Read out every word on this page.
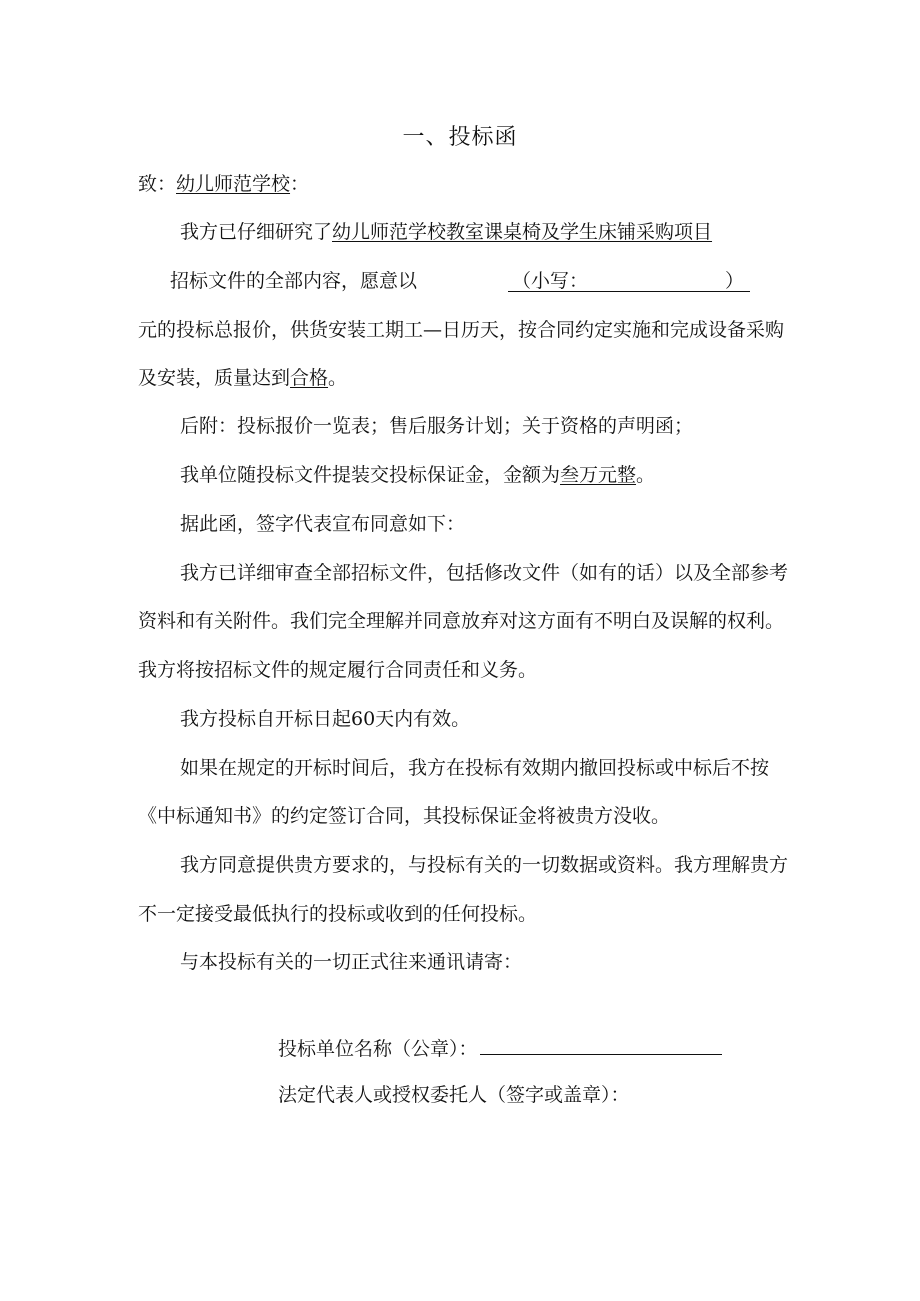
一、投标函
致：幼儿师范学校：
我方已仔细研究了幼儿师范学校教室课桌椅及学生床铺采购项目
招标文件的全部内容，愿意以	（小写：	）
元的投标总报价，供货安装工期工—日历天，按合同约定实施和完成设备采购
及安装，质量达到合格。
后附：投标报价一览表；售后服务计划；关于资格的声明函；
我单位随投标文件提装交投标保证金，金额为叁万元整。
据此函，签字代表宣布同意如下：
我方已详细审查全部招标文件，包括修改文件（如有的话）以及全部参考
资料和有关附件。我们完全理解并同意放弃对这方面有不明白及误解的权利。
我方将按招标文件的规定履行合同责任和义务。
我方投标自开标日起60天内有效。
如果在规定的开标时间后，我方在投标有效期内撤回投标或中标后不按
《中标通知书》的约定签订合同，其投标保证金将被贵方没收。
我方同意提供贵方要求的，与投标有关的一切数据或资料。我方理解贵方
不一定接受最低执行的投标或收到的任何投标。
与本投标有关的一切正式往来通讯请寄：
投标单位名称（公章）：
法定代表人或授权委托人（签字或盖章）：
